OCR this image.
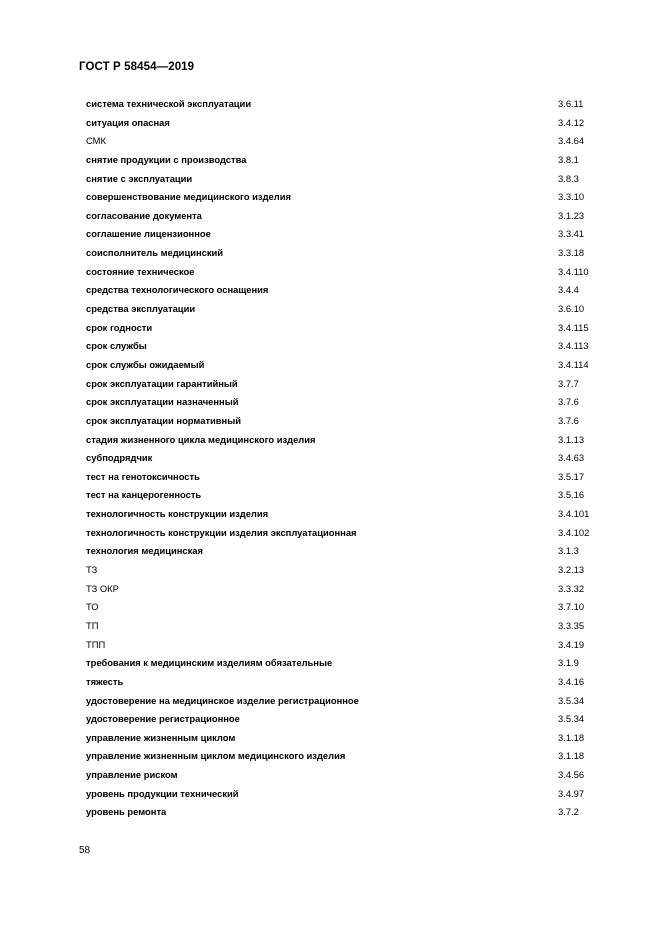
ГОСТ Р 58454—2019
система технической эксплуатации	3.6.11
ситуация опасная	3.4.12
СМК	3.4.64
снятие продукции с производства	3.8.1
снятие с эксплуатации	3.8.3
совершенствование медицинского изделия	3.3.10
согласование документа	3.1.23
соглашение лицензионное	3.3.41
соисполнитель медицинский	3.3.18
состояние техническое	3.4.110
средства технологического оснащения	3.4.4
средства эксплуатации	3.6.10
срок годности	3.4.115
срок службы	3.4.113
срок службы ожидаемый	3.4.114
срок эксплуатации гарантийный	3.7.7
срок эксплуатации назначенный	3.7.6
срок эксплуатации нормативный	3.7.6
стадия жизненного цикла медицинского изделия	3.1.13
субподрядчик	3.4.63
тест на генотоксичность	3.5.17
тест на канцерогенность	3.5.16
технологичность конструкции изделия	3.4.101
технологичность конструкции изделия эксплуатационная	3.4.102
технология медицинская	3.1.3
ТЗ	3.2.13
ТЗ ОКР	3.3.32
ТО	3.7.10
ТП	3.3.35
ТПП	3.4.19
требования к медицинским изделиям обязательные	3.1.9
тяжесть	3.4.16
удостоверение на медицинское изделие регистрационное	3.5.34
удостоверение регистрационное	3.5.34
управление жизненным циклом	3.1.18
управление жизненным циклом медицинского изделия	3.1.18
управление риском	3.4.56
уровень продукции технический	3.4.97
уровень ремонта	3.7.2
58
